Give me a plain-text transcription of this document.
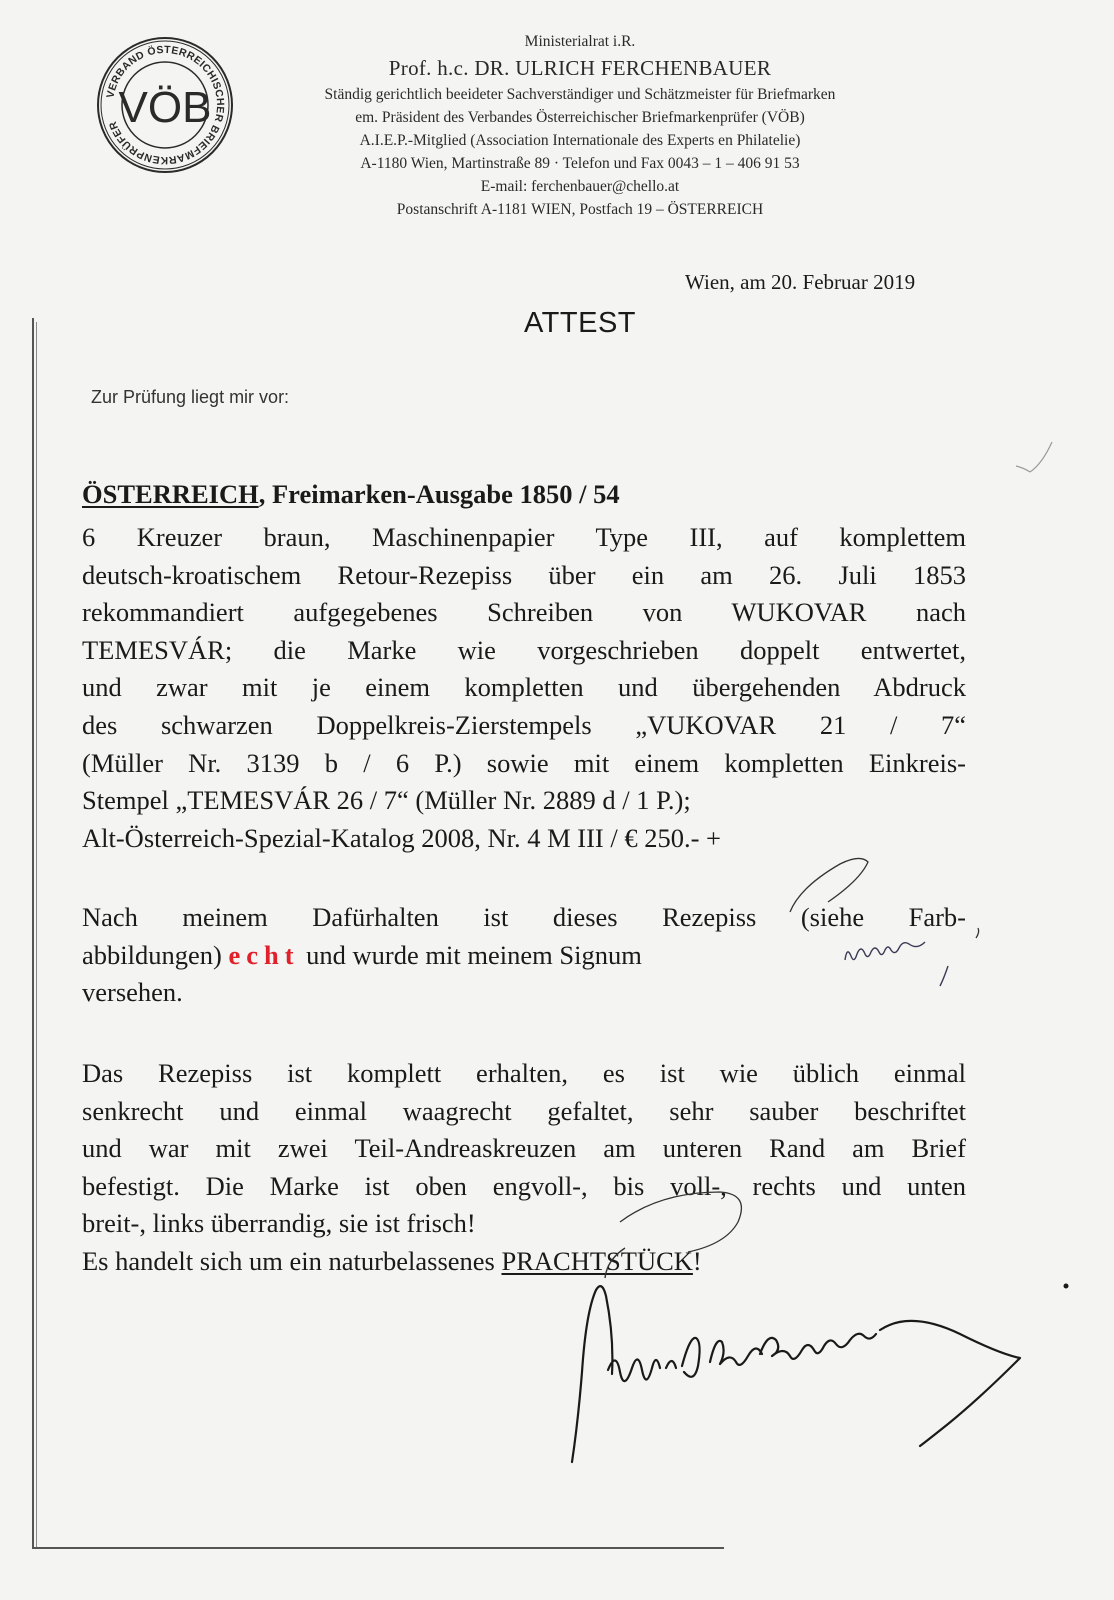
VERBAND ÖSTERREICHISCHER BRIEFMARKENPRÜFER
VÖB
Ministerialrat i.R.
Prof. h.c. DR. ULRICH FERCHENBAUER
Ständig gerichtlich beeideter Sachverständiger und Schätzmeister für Briefmarken
em. Präsident des Verbandes Österreichischer Briefmarkenprüfer (VÖB)
A.I.E.P.-Mitglied (Association Internationale des Experts en Philatelie)
A-1180 Wien, Martinstraße 89 · Telefon und Fax 0043 – 1 – 406 91 53
E-mail: ferchenbauer@chello.at
Postanschrift A-1181 WIEN, Postfach 19 – ÖSTERREICH
Wien, am 20. Februar 2019
ATTEST
Zur Prüfung liegt mir vor:
ÖSTERREICH, Freimarken-Ausgabe 1850 / 54
6 Kreuzer braun, Maschinenpapier Type III, auf komplettem
deutsch-kroatischem Retour-Rezepiss über ein am 26. Juli 1853
rekommandiert aufgegebenes Schreiben von WUKOVAR nach
TEMESVÁR; die Marke wie vorgeschrieben doppelt entwertet,
und zwar mit je einem kompletten und übergehenden Abdruck
des schwarzen Doppelkreis-Zierstempels „VUKOVAR 21 / 7“
(Müller Nr. 3139 b / 6 P.) sowie mit einem kompletten Einkreis-
Stempel „TEMESVÁR 26 / 7“ (Müller Nr. 2889 d / 1 P.);
Alt-Österreich-Spezial-Katalog 2008, Nr. 4 M III / € 250.- +
Nach meinem Dafürhalten ist dieses Rezepiss (siehe Farb-
abbildungen) echt und wurde mit meinem Signum
versehen.
Das Rezepiss ist komplett erhalten, es ist wie üblich einmal
senkrecht und einmal waagrecht gefaltet, sehr sauber beschriftet
und war mit zwei Teil-Andreaskreuzen am unteren Rand am Brief
befestigt. Die Marke ist oben engvoll-, bis voll-, rechts und unten
breit-, links überrandig, sie ist frisch!
Es handelt sich um ein naturbelassenes PRACHTSTÜCK!
